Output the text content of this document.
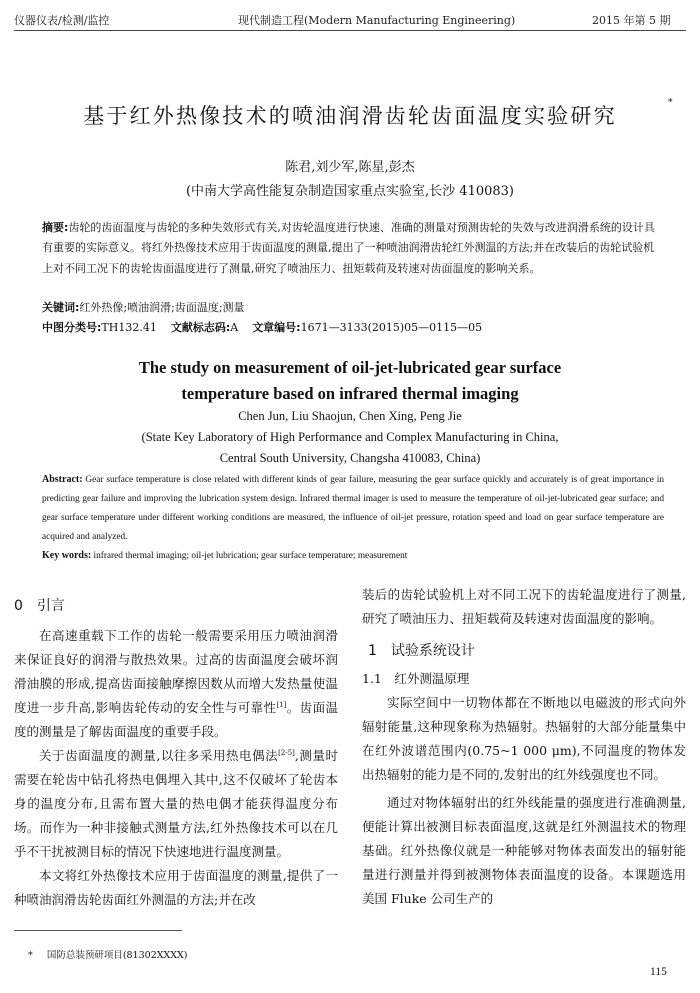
仪器仪表/检测/监控	现代制造工程(Modern Manufacturing Engineering)	2015 年第 5 期
基于红外热像技术的喷油润滑齿轮齿面温度实验研究
*
陈君,刘少军,陈星,彭杰
(中南大学高性能复杂制造国家重点实验室,长沙 410083)
摘要:齿轮的齿面温度与齿轮的多种失效形式有关,对齿轮温度进行快速、准确的测量对预测齿轮的失效与改进润滑系统的设计具有重要的实际意义。将红外热像技术应用于齿面温度的测量,提出了一种喷油润滑齿轮红外测温的方法;并在改装后的齿轮试验机上对不同工况下的齿轮齿面温度进行了测量,研究了喷油压力、扭矩载荷及转速对齿面温度的影响关系。
关键词:红外热像;喷油润滑;齿面温度;测量
中图分类号:TH132.41 文献标志码:A 文章编号:1671—3133(2015)05—0115—05
The study on measurement of oil-jet-lubricated gear surface
temperature based on infrared thermal imaging
Chen Jun, Liu Shaojun, Chen Xing, Peng Jie
(State Key Laboratory of High Performance and Complex Manufacturing in China,
Central South University, Changsha 410083, China)
Abstract: Gear surface temperature is close related with different kinds of gear failure, measuring the gear surface quickly and accurately is of great importance in predicting gear failure and improving the lubrication system design. Infrared thermal imager is used to measure the temperature of oil-jet-lubricated gear surface; and gear surface temperature under different working conditions are measured, the influence of oil-jet pressure, rotation speed and load on gear surface temperature are acquired and analyzed.
Key words: infrared thermal imaging; oil-jet lubrication; gear surface temperature; measurement
0　引言

在高速重载下工作的齿轮一般需要采用压力喷油润滑来保证良好的润滑与散热效果。过高的齿面温度会破坏润滑油膜的形成,提高齿面接触摩擦因数从而增大发热量使温度进一步升高,影响齿轮传动的安全性与可靠性[1]。齿面温度的测量是了解齿面温度的重要手段。

关于齿面温度的测量,以往多采用热电偶法[2-5],测量时需要在轮齿中钻孔将热电偶埋入其中,这不仅破坏了轮齿本身的温度分布,且需布置大量的热电偶才能获得温度分布场。而作为一种非接触式测量方法,红外热像技术可以在几乎不干扰被测目标的情况下快速地进行温度测量。

本文将红外热像技术应用于齿面温度的测量,提供了一种喷油润滑齿轮齿面红外测温的方法;并在改

装后的齿轮试验机上对不同工况下的齿轮温度进行了测量,研究了喷油压力、扭矩载荷及转速对齿面温度的影响。

1　试验系统设计
1.1　红外测温原理

实际空间中一切物体都在不断地以电磁波的形式向外辐射能量,这种现象称为热辐射。热辐射的大部分能量集中在红外波谱范围内(0.75~1 000 μm),不同温度的物体发出热辐射的能力是不同的,发射出的红外线强度也不同。

通过对物体辐射出的红外线能量的强度进行准确测量,便能计算出被测目标表面温度,这就是红外测温技术的物理基础。红外热像仪就是一种能够对物体表面发出的辐射能量进行测量并得到被测物体表面温度的设备。本课题选用美国 Fluke 公司生产的

* 国防总装预研项目(81302XXXX)
115
